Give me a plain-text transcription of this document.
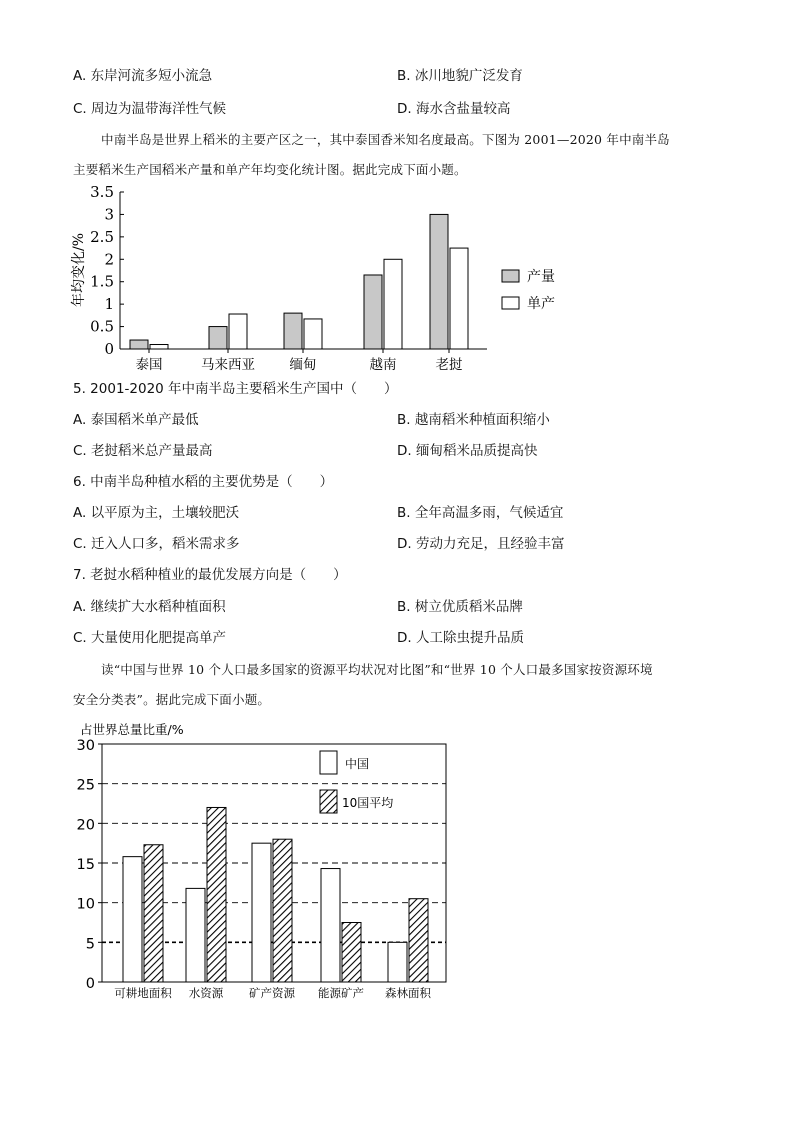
A. 东岸河流多短小流急	B. 冰川地貌广泛发育
C. 周边为温带海洋性气候	D. 海水含盐量较高
中南半岛是世界上稻米的主要产区之一，其中泰国香米知名度最高。下图为 2001—2020 年中南半岛
主要稻米生产国稻米产量和单产年均变化统计图。据此完成下面小题。
0
0.5
1
1.5
2
2.5
3
3.5
年均变化/%
泰国	马来西亚	缅甸	越南	老挝
产量
单产
占世界总量比重/%
0
5
10
15
20
25
30
可耕地面积 水资源 矿产资源 能源矿产 森林面积
中国
10国平均
5. 2001-2020 年中南半岛主要稻米生产国中（　　）
A. 泰国稻米单产最低	B. 越南稻米种植面积缩小
C. 老挝稻米总产量最高	D. 缅甸稻米品质提高快
6. 中南半岛种植水稻的主要优势是（　　）
A. 以平原为主，土壤较肥沃	B. 全年高温多雨，气候适宜
C. 迁入人口多，稻米需求多	D. 劳动力充足，且经验丰富
7. 老挝水稻种植业的最优发展方向是（　　）
A. 继续扩大水稻种植面积	B. 树立优质稻米品牌
C. 大量使用化肥提高单产	D. 人工除虫提升品质
读“中国与世界 10 个人口最多国家的资源平均状况对比图”和“世界 10 个人口最多国家按资源环境
安全分类表”。据此完成下面小题。
